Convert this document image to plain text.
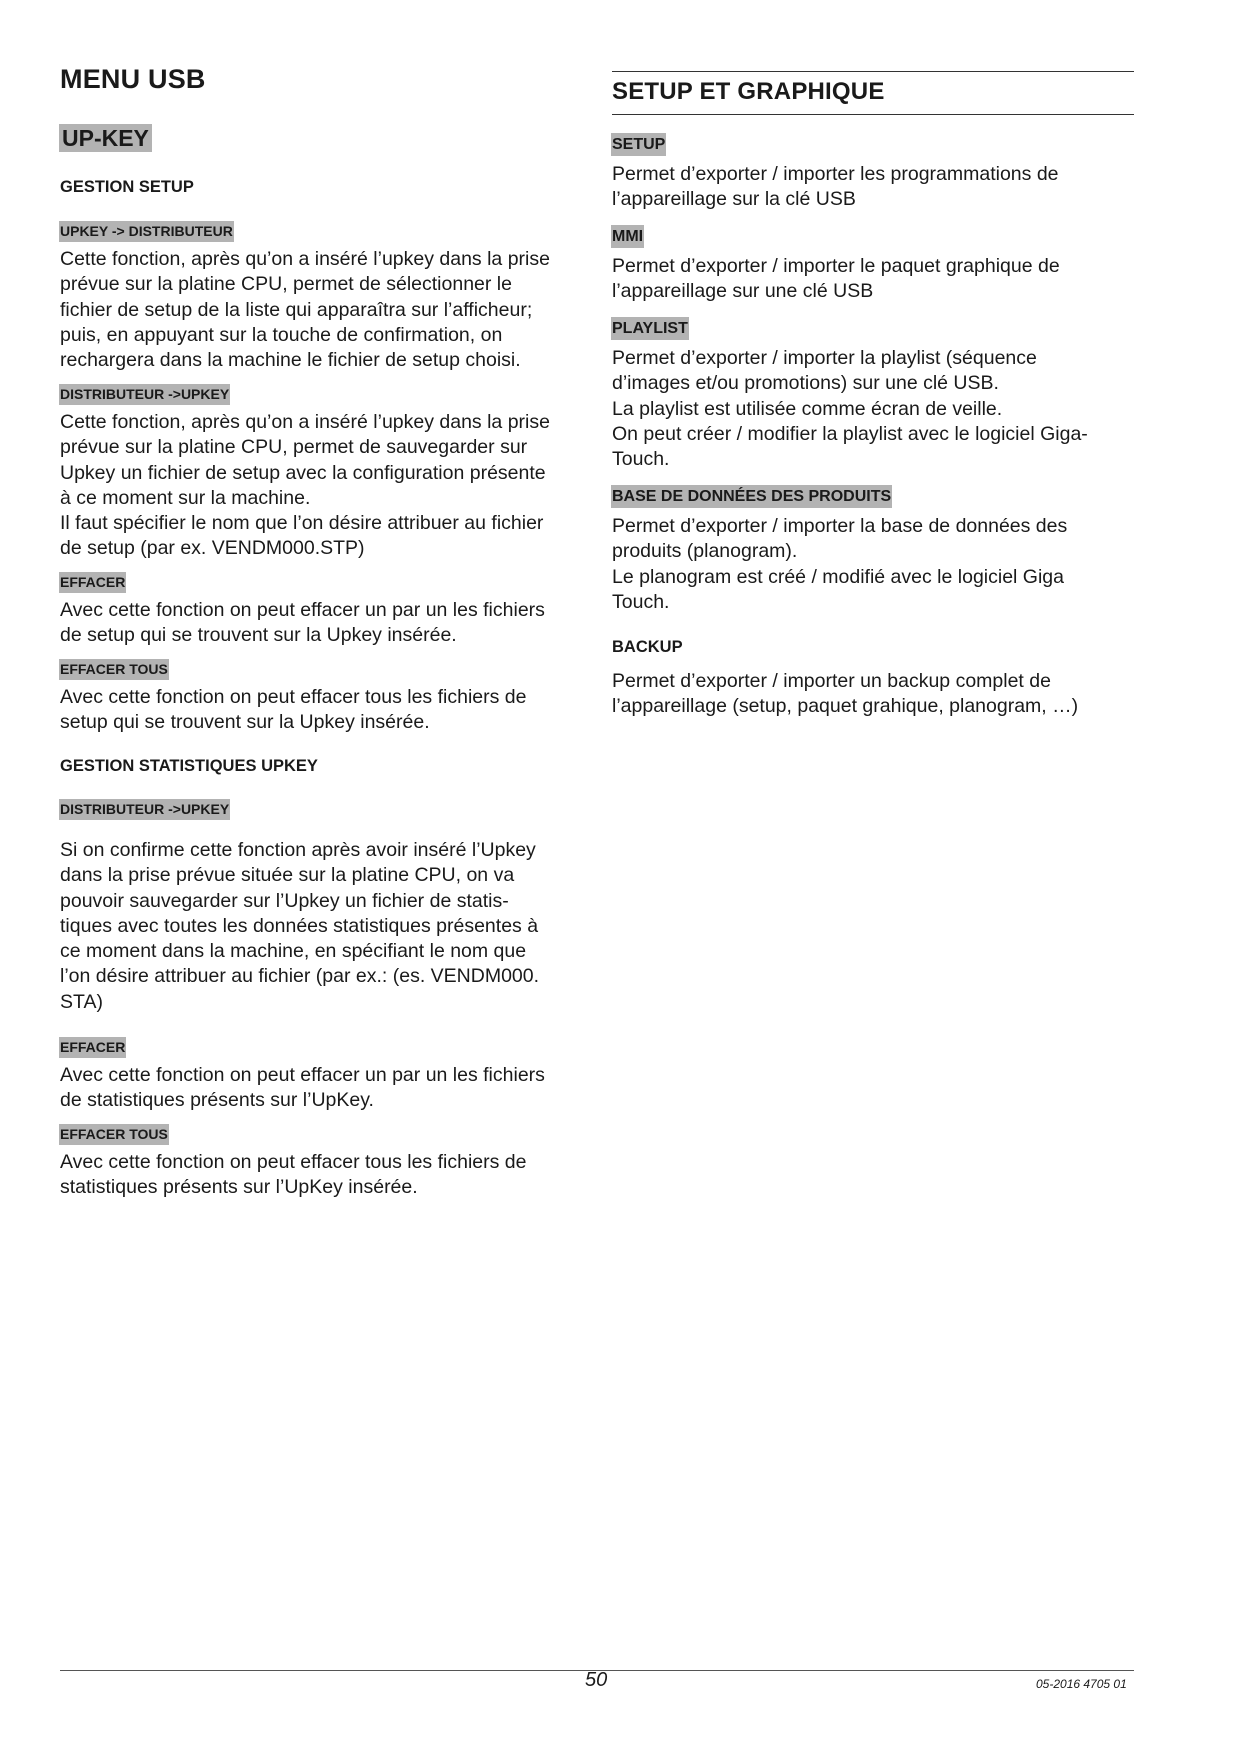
MENU USB
UP-KEY
GESTION SETUP
UPKEY -> DISTRIBUTEUR
Cette fonction, après qu’on a inséré l’upkey dans la prise
prévue sur la platine CPU, permet de sélectionner le
fichier de setup de la liste qui apparaîtra sur l’afficheur;
puis, en appuyant sur la touche de confirmation, on
rechargera dans la machine le fichier de setup choisi.
DISTRIBUTEUR ->UPKEY
Cette fonction, après qu’on a inséré l’upkey dans la prise
prévue sur la platine CPU, permet de sauvegarder sur
Upkey un fichier de setup avec la configuration présente
à ce moment sur la machine.
Il faut spécifier le nom que l’on désire attribuer au fichier
de setup (par ex. VENDM000.STP)
EFFACER
Avec cette fonction on peut effacer un par un les fichiers
de setup qui se trouvent sur la Upkey insérée.
EFFACER TOUS
Avec cette fonction on peut effacer tous les fichiers de
setup qui se trouvent sur la Upkey insérée.
GESTION STATISTIQUES UPKEY
DISTRIBUTEUR ->UPKEY
Si on confirme cette fonction après avoir inséré l’Upkey
dans la prise prévue située sur la platine CPU, on va
pouvoir sauvegarder sur l’Upkey un fichier de statis-
tiques avec toutes les données statistiques présentes à
ce moment dans la machine, en spécifiant le nom que
l’on désire attribuer au fichier (par ex.: (es. VENDM000.
STA)
EFFACER
Avec cette fonction on peut effacer un par un les fichiers
de statistiques présents sur l’UpKey.
EFFACER TOUS
Avec cette fonction on peut effacer tous les fichiers de
statistiques présents sur l’UpKey insérée.
SETUP ET GRAPHIQUE
SETUP
Permet d’exporter / importer les programmations de
l’appareillage sur la clé USB
MMI
Permet d’exporter / importer le paquet graphique de
l’appareillage sur une clé USB
PLAYLIST
Permet d’exporter / importer la playlist (séquence
d’images et/ou promotions) sur une clé USB.
La playlist est utilisée comme écran de veille.
On peut créer / modifier la playlist avec le logiciel Giga-
Touch.
BASE DE DONNÉES DES PRODUITS
Permet d’exporter / importer la base de données des
produits (planogram).
Le planogram est créé / modifié avec le logiciel Giga
Touch.
BACKUP
Permet d’exporter / importer un backup complet de
l’appareillage (setup, paquet grahique, planogram, …)
50	05-2016 4705 01
